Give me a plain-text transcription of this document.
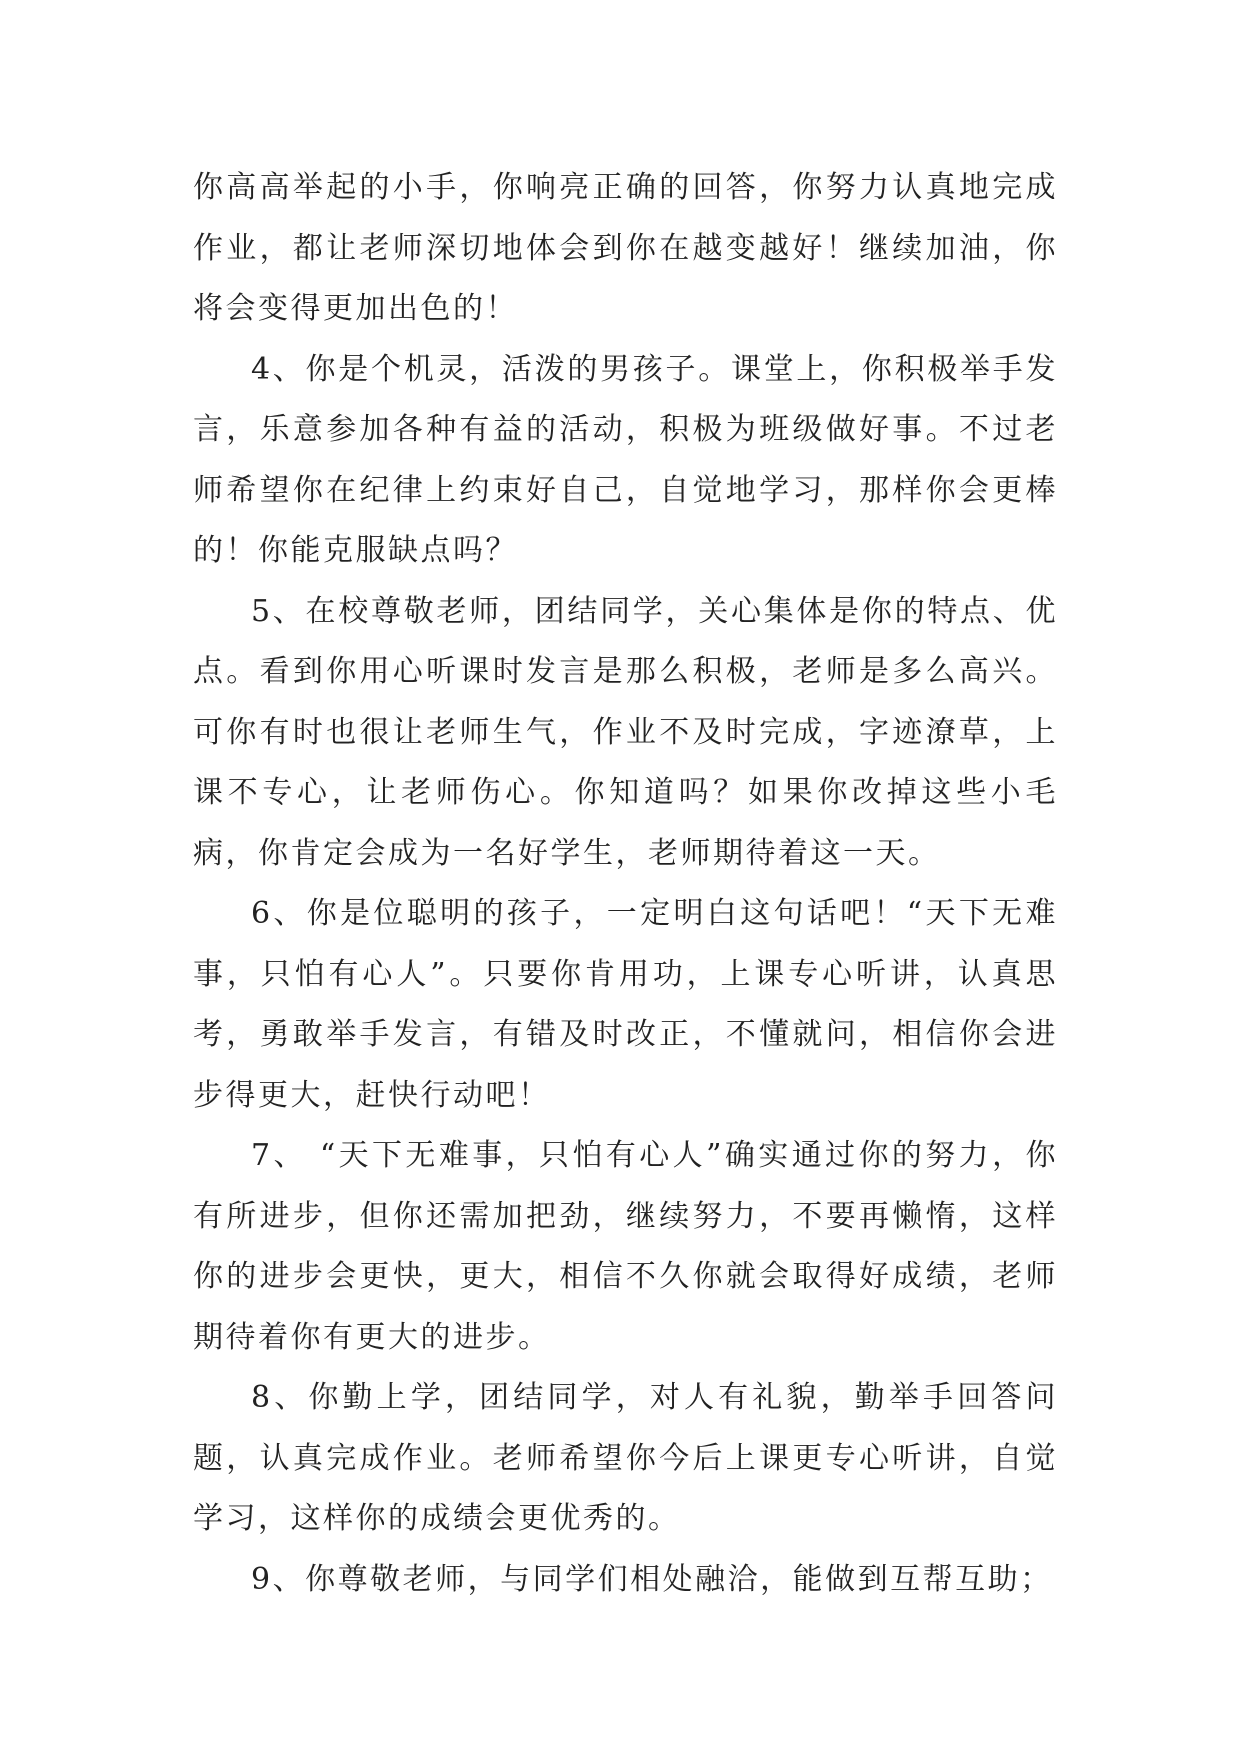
你高高举起的小手，你响亮正确的回答，你努力认真地完成作业，都让老师深切地体会到你在越变越好！继续加油，你将会变得更加出色的！

4、你是个机灵，活泼的男孩子。课堂上，你积极举手发言，乐意参加各种有益的活动，积极为班级做好事。不过老师希望你在纪律上约束好自己，自觉地学习，那样你会更棒的！你能克服缺点吗？

5、在校尊敬老师，团结同学，关心集体是你的特点、优点。看到你用心听课时发言是那么积极，老师是多么高兴。可你有时也很让老师生气，作业不及时完成，字迹潦草，上课不专心，让老师伤心。你知道吗？如果你改掉这些小毛病，你肯定会成为一名好学生，老师期待着这一天。

6、你是位聪明的孩子，一定明白这句话吧！“天下无难事，只怕有心人”。只要你肯用功，上课专心听讲，认真思考，勇敢举手发言，有错及时改正，不懂就问，相信你会进步得更大，赶快行动吧！

7、 “天下无难事，只怕有心人”确实通过你的努力，你有所进步，但你还需加把劲，继续努力，不要再懒惰，这样你的进步会更快，更大，相信不久你就会取得好成绩，老师期待着你有更大的进步。

8、你勤上学，团结同学，对人有礼貌，勤举手回答问题，认真完成作业。老师希望你今后上课更专心听讲，自觉学习，这样你的成绩会更优秀的。

9、你尊敬老师，与同学们相处融洽，能做到互帮互助；
